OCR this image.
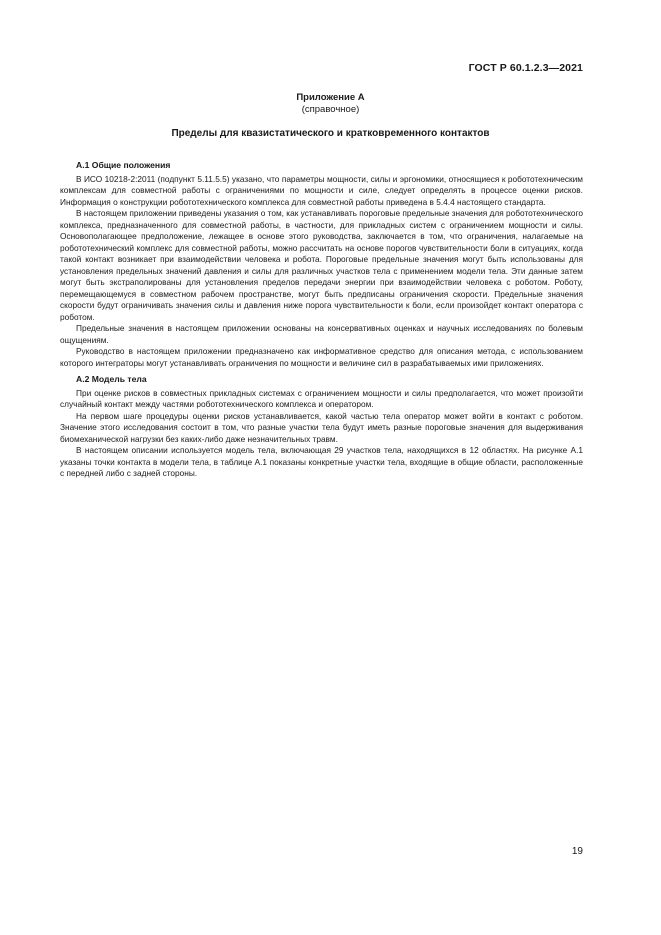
ГОСТ Р 60.1.2.3—2021
Приложение А
(справочное)
Пределы для квазистатического и кратковременного контактов
А.1 Общие положения

В ИСО 10218-2:2011 (подпункт 5.11.5.5) указано, что параметры мощности, силы и эргономики, относящиеся к робототехническим комплексам для совместной работы с ограничениями по мощности и силе, следует определять в процессе оценки рисков. Информация о конструкции робототехнического комплекса для совместной работы приведена в 5.4.4 настоящего стандарта.

В настоящем приложении приведены указания о том, как устанавливать пороговые предельные значения для робототехнического комплекса, предназначенного для совместной работы, в частности, для прикладных систем с ограничением мощности и силы. Основополагающее предположение, лежащее в основе этого руководства, заключается в том, что ограничения, налагаемые на робототехнический комплекс для совместной работы, можно рассчитать на основе порогов чувствительности боли в ситуациях, когда такой контакт возникает при взаимодействии человека и робота. Пороговые предельные значения могут быть использованы для установления предельных значений давления и силы для различных участков тела с применением модели тела. Эти данные затем могут быть экстраполированы для установления пределов передачи энергии при взаимодействии человека с роботом. Роботу, перемещающемуся в совместном рабочем пространстве, могут быть предписаны ограничения скорости. Предельные значения скорости будут ограничивать значения силы и давления ниже порога чувствительности к боли, если произойдет контакт оператора с роботом.

Предельные значения в настоящем приложении основаны на консервативных оценках и научных исследованиях по болевым ощущениям.

Руководство в настоящем приложении предназначено как информативное средство для описания метода, с использованием которого интеграторы могут устанавливать ограничения по мощности и величине сил в разрабатываемых ими приложениях.

А.2 Модель тела

При оценке рисков в совместных прикладных системах с ограничением мощности и силы предполагается, что может произойти случайный контакт между частями робототехнического комплекса и оператором.

На первом шаге процедуры оценки рисков устанавливается, какой частью тела оператор может войти в контакт с роботом. Значение этого исследования состоит в том, что разные участки тела будут иметь разные пороговые значения для выдерживания биомеханической нагрузки без каких-либо даже незначительных травм.

В настоящем описании используется модель тела, включающая 29 участков тела, находящихся в 12 областях. На рисунке А.1 указаны точки контакта в модели тела, в таблице А.1 показаны конкретные участки тела, входящие в общие области, расположенные с передней либо с задней стороны.

19
